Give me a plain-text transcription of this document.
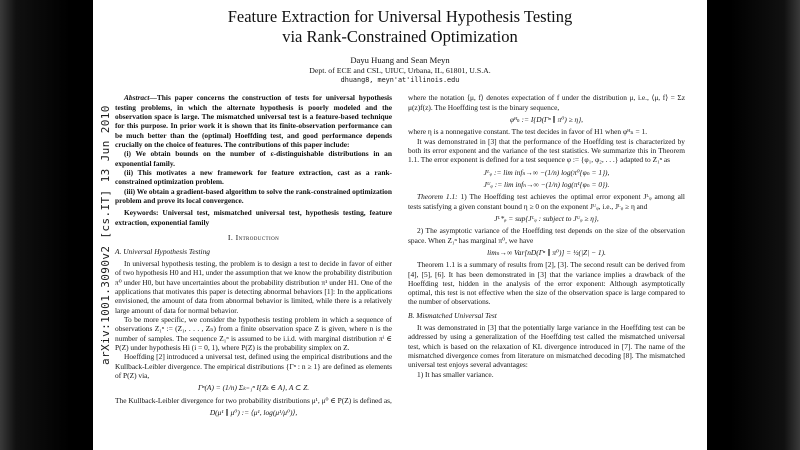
arXiv:1001.3090v2 [cs.IT] 13 Jun 2010
Feature Extraction for Universal Hypothesis Testing
via Rank-Constrained Optimization
Dayu Huang and Sean Meyn
Dept. of ECE and CSL, UIUC, Urbana, IL, 61801, U.S.A.
dhuang8, meyn'at'illinois.edu

Abstract—This paper concerns the construction of tests for universal hypothesis testing problems, in which the alternate hypothesis is poorly modeled and the observation space is large. The mismatched universal test is a feature-based technique for this purpose. In prior work it is shown that its finite-observation performance can be much better than the (optimal) Hoeffding test, and good performance depends crucially on the choice of features. The contributions of this paper include:

(i) We obtain bounds on the number of ε-distinguishable distributions in an exponential family.

(ii) This motivates a new framework for feature extraction, cast as a rank-constrained optimization problem.

(iii) We obtain a gradient-based algorithm to solve the rank-constrained optimization problem and prove its local convergence.

Keywords: Universal test, mismatched universal test, hypothesis testing, feature extraction, exponential family

I. Introduction

A. Universal Hypothesis Testing

In universal hypothesis testing, the problem is to design a test to decide in favor of either of two hypothesis H0 and H1, under the assumption that we know the probability distribution π⁰ under H0, but have uncertainties about the probability distribution π¹ under H1. One of the applications that motivates this paper is detecting abnormal behaviors [1]: In the applications envisioned, the amount of data from abnormal behavior is limited, while there is a relatively large amount of data for normal behavior.

To be more specific, we consider the hypothesis testing problem in which a sequence of observations Z₁ⁿ := (Z₁, . . . , Zₙ) from a finite observation space Z is given, where n is the number of samples. The sequence Z₁ⁿ is assumed to be i.i.d. with marginal distribution πⁱ ∈ P(Z) under hypothesis Hi (i = 0, 1), where P(Z) is the probability simplex on Z.

Hoeffding [2] introduced a universal test, defined using the empirical distributions and the Kullback-Leibler divergence. The empirical distributions {Γⁿ : n ≥ 1} are defined as elements of P(Z) via,

Γⁿ(A) = (1/n) Σₖ₌₁ⁿ I{Zₖ ∈ A}, A ⊂ Z.

The Kullback-Leibler divergence for two probability distributions μ¹, μ⁰ ∈ P(Z) is defined as,

D(μ¹ ∥ μ⁰) := ⟨μ¹, log(μ¹/μ⁰)⟩,

where the notation ⟨μ, f⟩ denotes expectation of f under the distribution μ, i.e., ⟨μ, f⟩ = Σᴢ μ(z)f(z). The Hoeffding test is the binary sequence,

φᴴₙ := I{D(Γⁿ ∥ π⁰) ≥ η},

where η is a nonnegative constant. The test decides in favor of H1 when φᴴₙ = 1.

It was demonstrated in [3] that the performance of the Hoeffding test is characterized by both its error exponent and the variance of the test statistics. We summarize this in Theorem 1.1. The error exponent is defined for a test sequence φ := {φ₁, φ₂, . . .} adapted to Z₁ⁿ as

Jᴸᵩ := lim infₙ→∞ −(1/n) log(π⁰{φₙ = 1}),
Jᵁᵩ := lim infₙ→∞ −(1/n) log(π¹{φₙ = 0}).

Theorem 1.1: 1) The Hoeffding test achieves the optimal error exponent Jᴸᵩ among all tests satisfying a given constant bound η ≥ 0 on the exponent Jᵁᵩ, i.e., Jᴸᵩ ≥ η and

Jᴸ*ᵩ = sup{Jᴸᵩ : subject to Jᵁᵩ ≥ η},

2) The asymptotic variance of the Hoeffding test depends on the size of the observation space. When Z₁ⁿ has marginal π⁰, we have

limₙ→∞ Var[nD(Γⁿ ∥ π⁰)] = ½(|Z| − 1).

Theorem 1.1 is a summary of results from [2], [3]. The second result can be derived from [4], [5], [6]. It has been demonstrated in [3] that the variance implies a drawback of the Hoeffding test, hidden in the analysis of the error exponent: Although asymptotically optimal, this test is not effective when the size of the observation space is large compared to the number of observations.

B. Mismatched Universal Test

It was demonstrated in [3] that the potentially large variance in the Hoeffding test can be addressed by using a generalization of the Hoeffding test called the mismatched universal test, which is based on the relaxation of KL divergence introduced in [7]. The name of the mismatched divergence comes from literature on mismatched decoding [8]. The mismatched universal test enjoys several advantages:

1) It has smaller variance.
